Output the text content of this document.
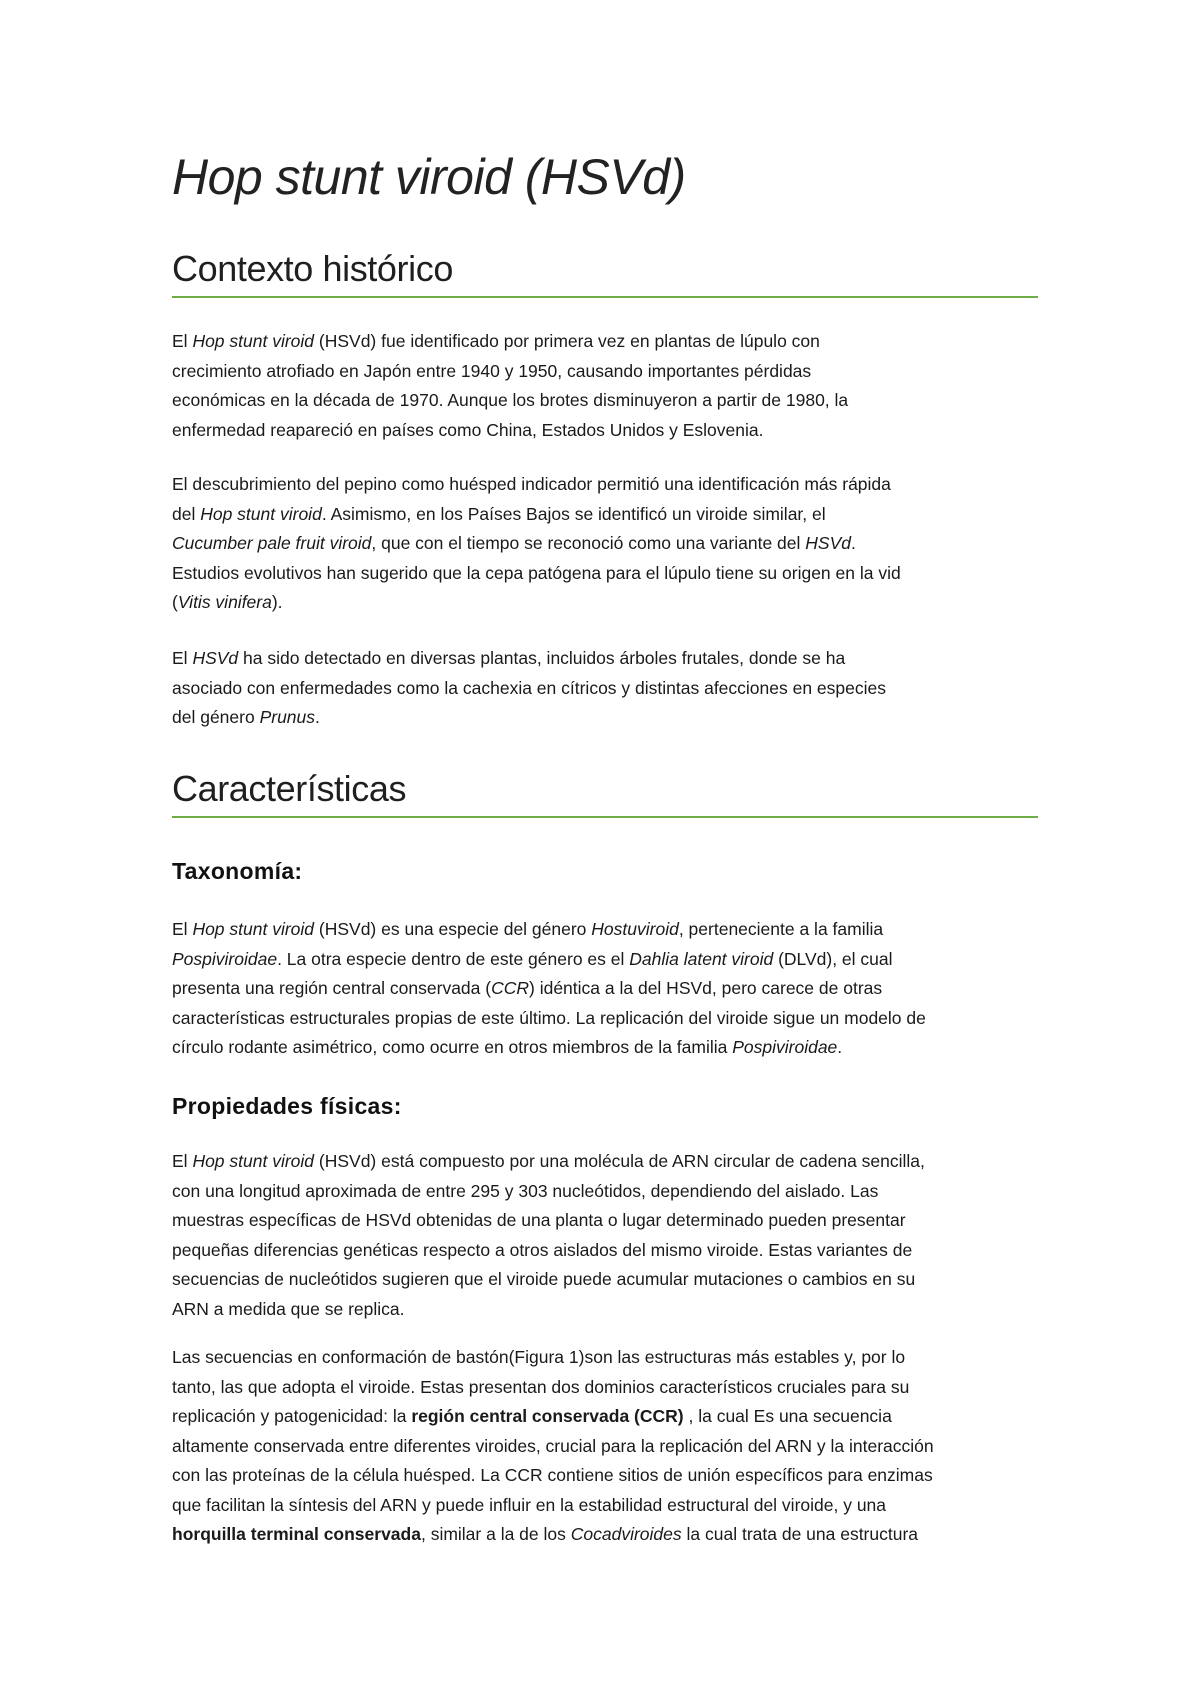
Hop stunt viroid (HSVd)
Contexto histórico
El Hop stunt viroid (HSVd) fue identificado por primera vez en plantas de lúpulo con
crecimiento atrofiado en Japón entre 1940 y 1950, causando importantes pérdidas
económicas en la década de 1970. Aunque los brotes disminuyeron a partir de 1980, la
enfermedad reapareció en países como China, Estados Unidos y Eslovenia.
El descubrimiento del pepino como huésped indicador permitió una identificación más rápida
del Hop stunt viroid. Asimismo, en los Países Bajos se identificó un viroide similar, el
Cucumber pale fruit viroid, que con el tiempo se reconoció como una variante del HSVd.
Estudios evolutivos han sugerido que la cepa patógena para el lúpulo tiene su origen en la vid
(Vitis vinifera).
El HSVd ha sido detectado en diversas plantas, incluidos árboles frutales, donde se ha
asociado con enfermedades como la cachexia en cítricos y distintas afecciones en especies
del género Prunus.
Características
Taxonomía:
El Hop stunt viroid (HSVd) es una especie del género Hostuviroid, perteneciente a la familia
Pospiviroidae. La otra especie dentro de este género es el Dahlia latent viroid (DLVd), el cual
presenta una región central conservada (CCR) idéntica a la del HSVd, pero carece de otras
características estructurales propias de este último. La replicación del viroide sigue un modelo de
círculo rodante asimétrico, como ocurre en otros miembros de la familia Pospiviroidae.
Propiedades físicas:
El Hop stunt viroid (HSVd) está compuesto por una molécula de ARN circular de cadena sencilla,
con una longitud aproximada de entre 295 y 303 nucleótidos, dependiendo del aislado. Las
muestras específicas de HSVd obtenidas de una planta o lugar determinado pueden presentar
pequeñas diferencias genéticas respecto a otros aislados del mismo viroide. Estas variantes de
secuencias de nucleótidos sugieren que el viroide puede acumular mutaciones o cambios en su
ARN a medida que se replica.
Las secuencias en conformación de bastón(Figura 1)son las estructuras más estables y, por lo
tanto, las que adopta el viroide. Estas presentan dos dominios característicos cruciales para su
replicación y patogenicidad: la región central conservada (CCR) , la cual Es una secuencia
altamente conservada entre diferentes viroides, crucial para la replicación del ARN y la interacción
con las proteínas de la célula huésped. La CCR contiene sitios de unión específicos para enzimas
que facilitan la síntesis del ARN y puede influir en la estabilidad estructural del viroide, y una
horquilla terminal conservada, similar a la de los Cocadviroides la cual trata de una estructura
